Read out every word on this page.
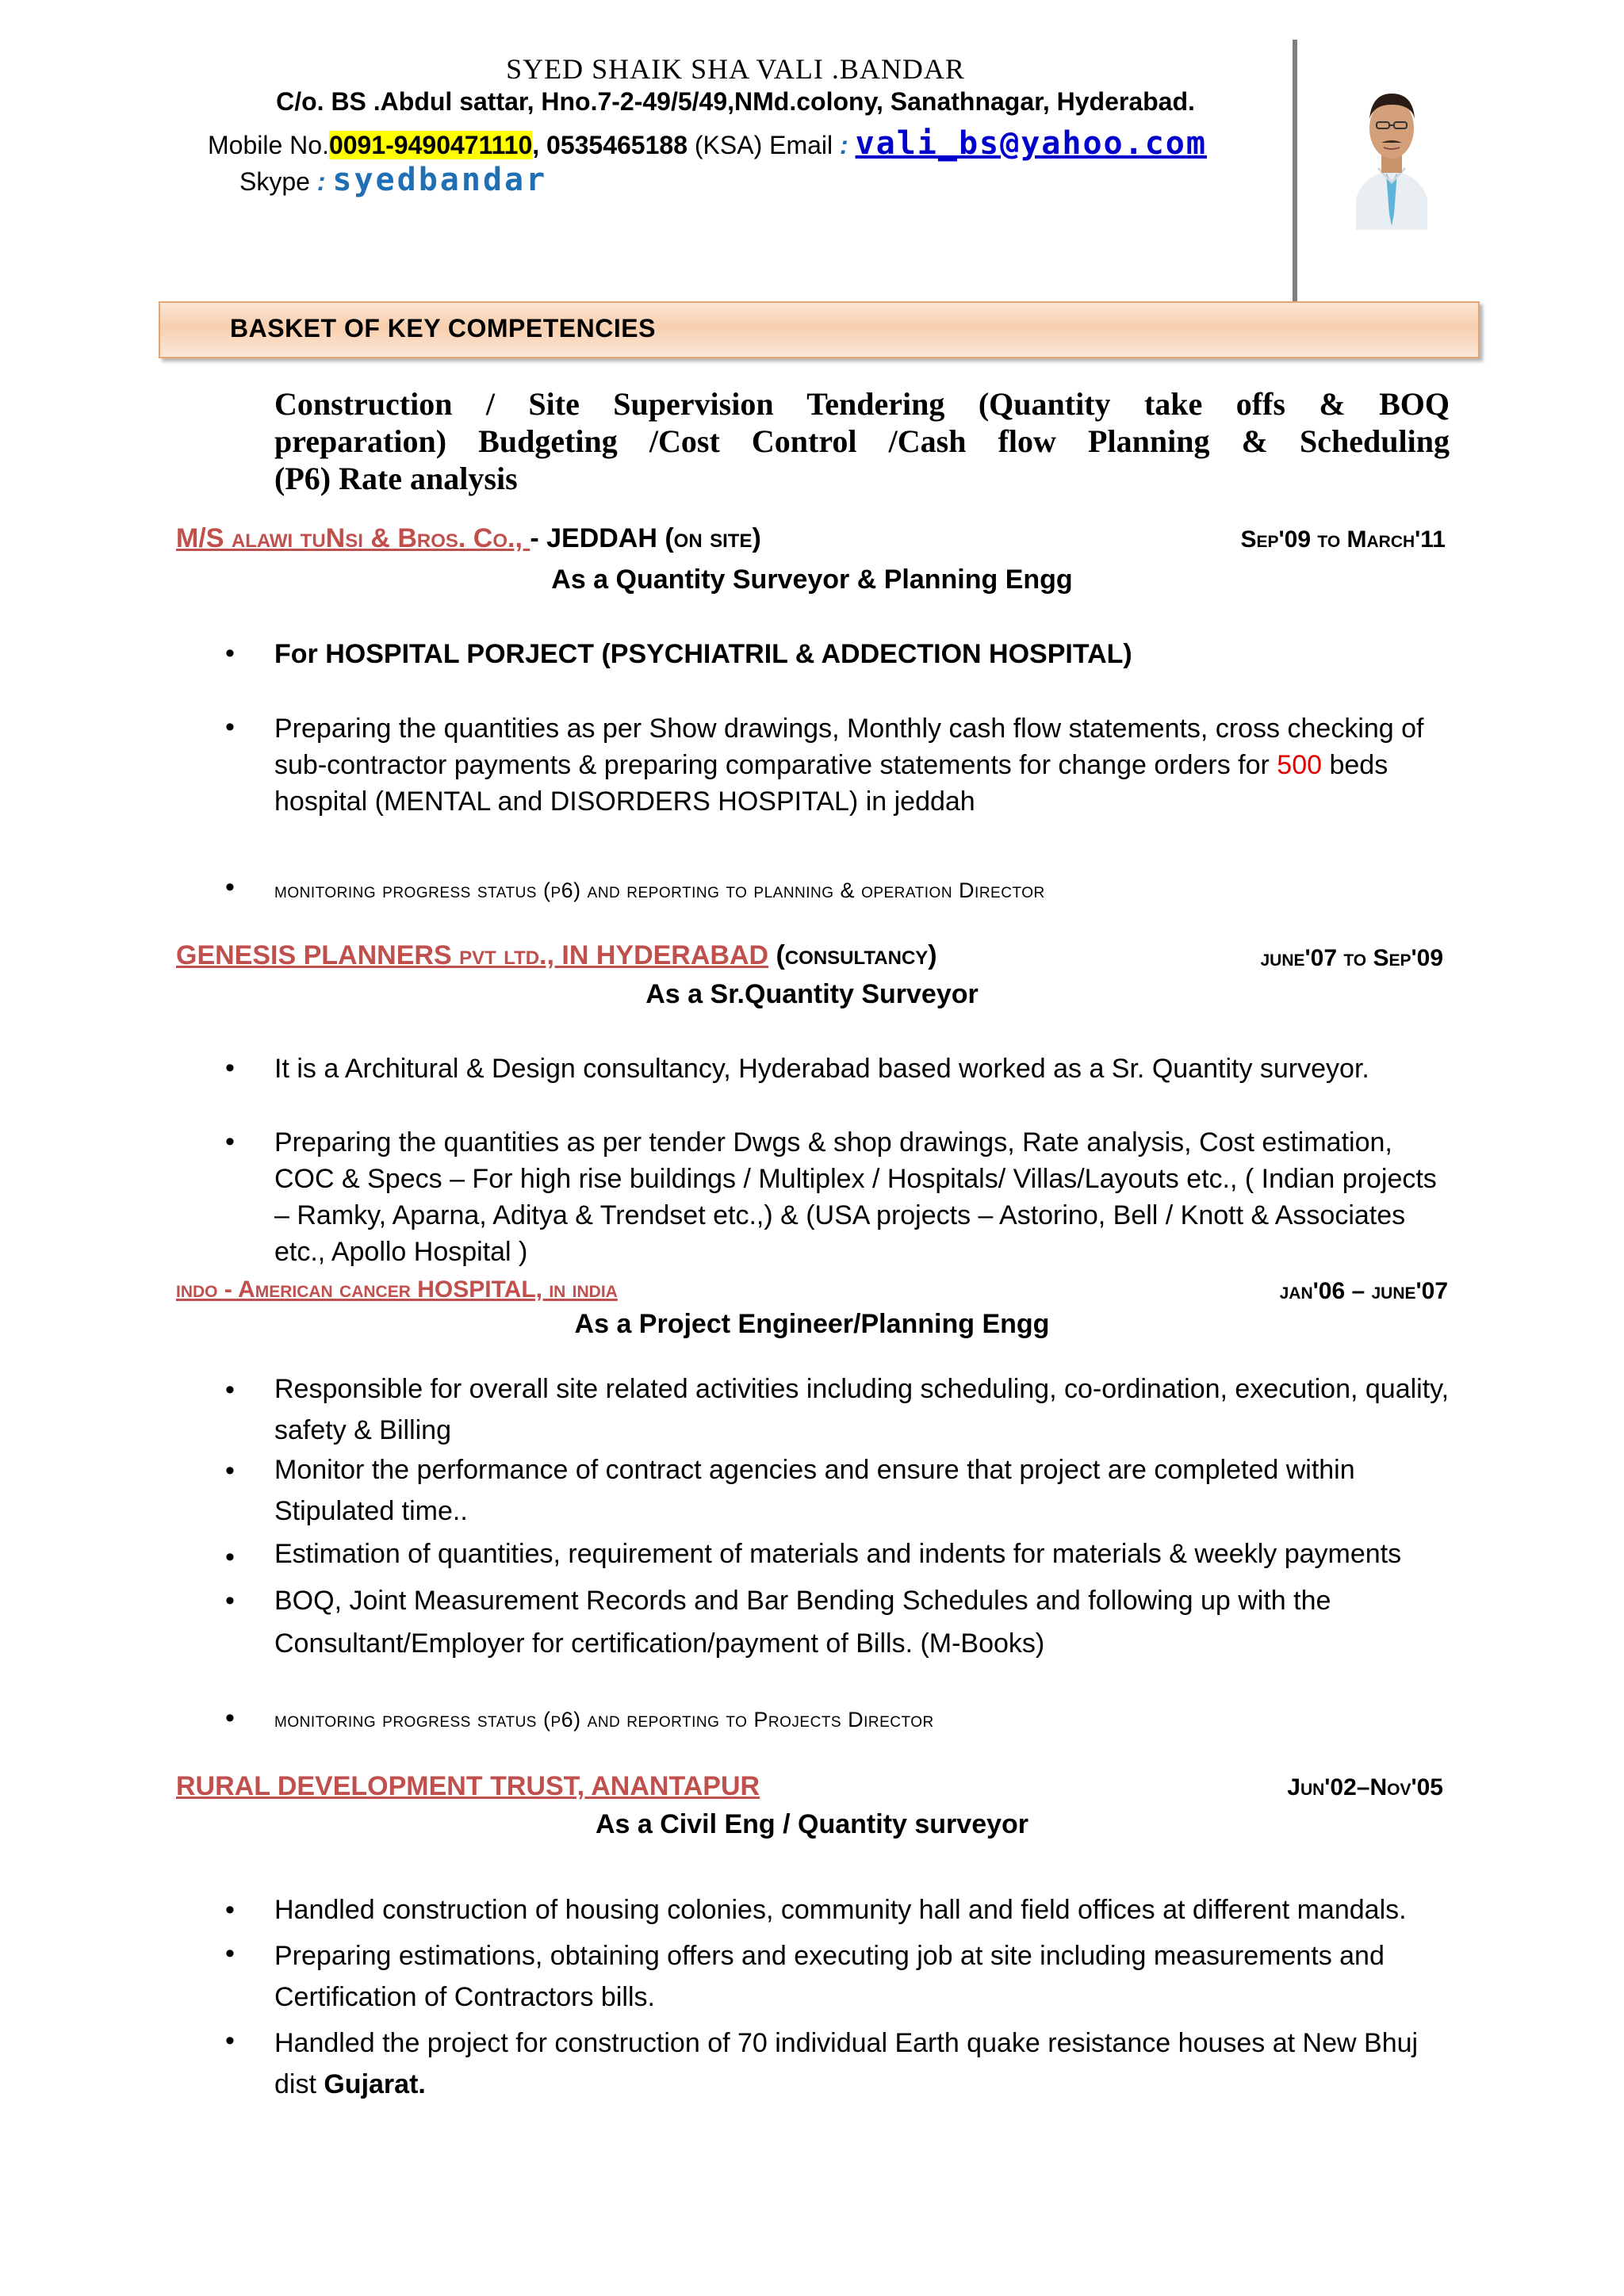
SYED SHAIK SHA VALI .BANDAR
C/o. BS .Abdul sattar, Hno.7-2-49/5/49,NMd.colony, Sanathnagar, Hyderabad.
Mobile No.0091-9490471110, 0535465188 (KSA) Email : vali_bs@yahoo.com
Skype : syedbandar
BASKET OF KEY COMPETENCIES
Construction / Site Supervision Tendering (Quantity take offs & BOQ
preparation) Budgeting /Cost Control /Cash flow Planning & Scheduling
(P6) Rate analysis
M/S alawi tuNsi & Bros. Co., - JEDDAH (on site)	Sep'09 to March'11
As a Quantity Surveyor & Planning Engg
• For HOSPITAL PORJECT (PSYCHIATRIL & ADDECTION HOSPITAL)
• Preparing the quantities as per Show drawings, Monthly cash flow statements, cross checking of sub-contractor payments & preparing comparative statements for change orders for 500 beds hospital (MENTAL and DISORDERS HOSPITAL) in jeddah
• monitoring progress status (p6) and reporting to planning & operation Director
GENESIS PLANNERS pvt ltd., IN HYDERABAD (consultancy)	june'07 to Sep'09
As a Sr.Quantity Surveyor
• It is a Architural & Design consultancy, Hyderabad based worked as a Sr. Quantity surveyor.
• Preparing the quantities as per tender Dwgs & shop drawings, Rate analysis, Cost estimation, COC & Specs – For high rise buildings / Multiplex / Hospitals/ Villas/Layouts etc., ( Indian projects – Ramky, Aparna, Aditya & Trendset etc.,) & (USA projects – Astorino, Bell / Knott & Associates etc., Apollo Hospital )
indo - American cancer HOSPITAL, in india	jan'06 – june'07
As a Project Engineer/Planning Engg
• Responsible for overall site related activities including scheduling, co-ordination, execution, quality, safety & Billing
• Monitor the performance of contract agencies and ensure that project are completed within Stipulated time..
• Estimation of quantities, requirement of materials and indents for materials & weekly payments
• BOQ, Joint Measurement Records and Bar Bending Schedules and following up with the Consultant/Employer for certification/payment of Bills. (M-Books)
• monitoring progress status (p6) and reporting to Projects Director
RURAL DEVELOPMENT TRUST, ANANTAPUR	Jun'02–Nov'05
As a Civil Eng / Quantity surveyor
• Handled construction of housing colonies, community hall and field offices at different mandals.
• Preparing estimations, obtaining offers and executing job at site including measurements and Certification of Contractors bills.
• Handled the project for construction of 70 individual Earth quake resistance houses at New Bhuj dist Gujarat.
